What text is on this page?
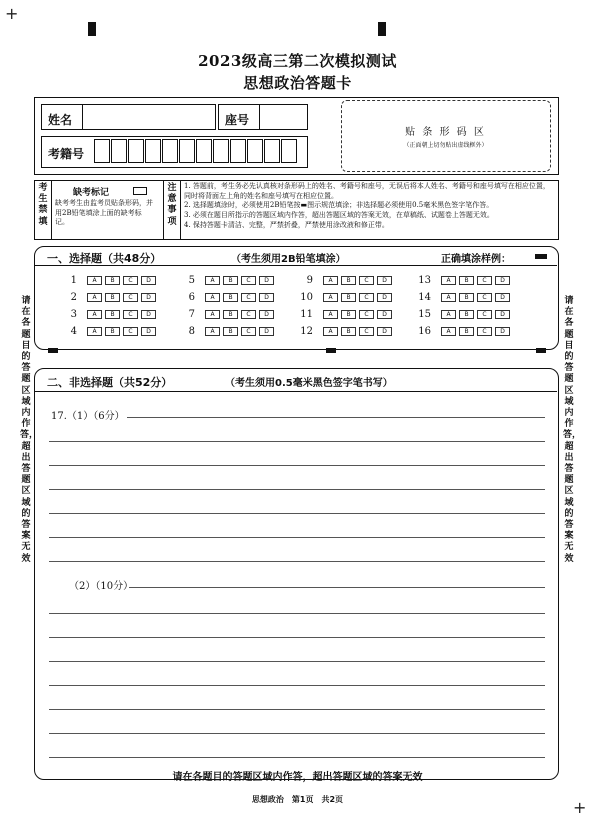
+
+
2023级高三第二次模拟测试
思想政治答题卡
姓名	座号
考籍号
贴 条 形 码 区
（正面朝上切勿贴出虚线框外）
考生禁填
缺考标记
缺考考生由监考员贴条形码，并用2B铅笔填涂上面的缺考标记。
注意事项
1. 答题前，考生务必先认真核对条形码上的姓名、考籍号和座号，无误后将本人姓名、考籍号和座号填写在相应位置，同时将背面左上角的姓名和座号填写在相应位置。
2. 选择题填涂时，必须使用2B铅笔按▬图示规范填涂；非选择题必须使用0.5毫米黑色签字笔作答。
3. 必须在题目所指示的答题区域内作答，超出答题区域的答案无效，在草稿纸、试题卷上答题无效。
4. 保持答题卡清洁、完整，严禁折叠，严禁使用涂改液和修正带。
请在各题目的答题区域内作答，超出答题区域的答案无效
请在各题目的答题区域内作答，超出答题区域的答案无效
一、选择题（共48分）	（考生须用2B铅笔填涂）	正确填涂样例：
1	A	B	C	D
2	A	B	C	D
3	A	B	C	D
4	A	B	C	D
5	A	B	C	D
6	A	B	C	D
7	A	B	C	D
8	A	B	C	D
9	A	B	C	D
10	A	B	C	D
11	A	B	C	D
12	A	B	C	D
13	A	B	C	D
14	A	B	C	D
15	A	B	C	D
16	A	B	C	D
二、非选择题（共52分）	（考生须用0.5毫米黑色签字笔书写）
17.（1）（6分）
（2）（10分）
请在各题目的答题区域内作答，超出答题区域的答案无效
思想政治　第1页　共2页
